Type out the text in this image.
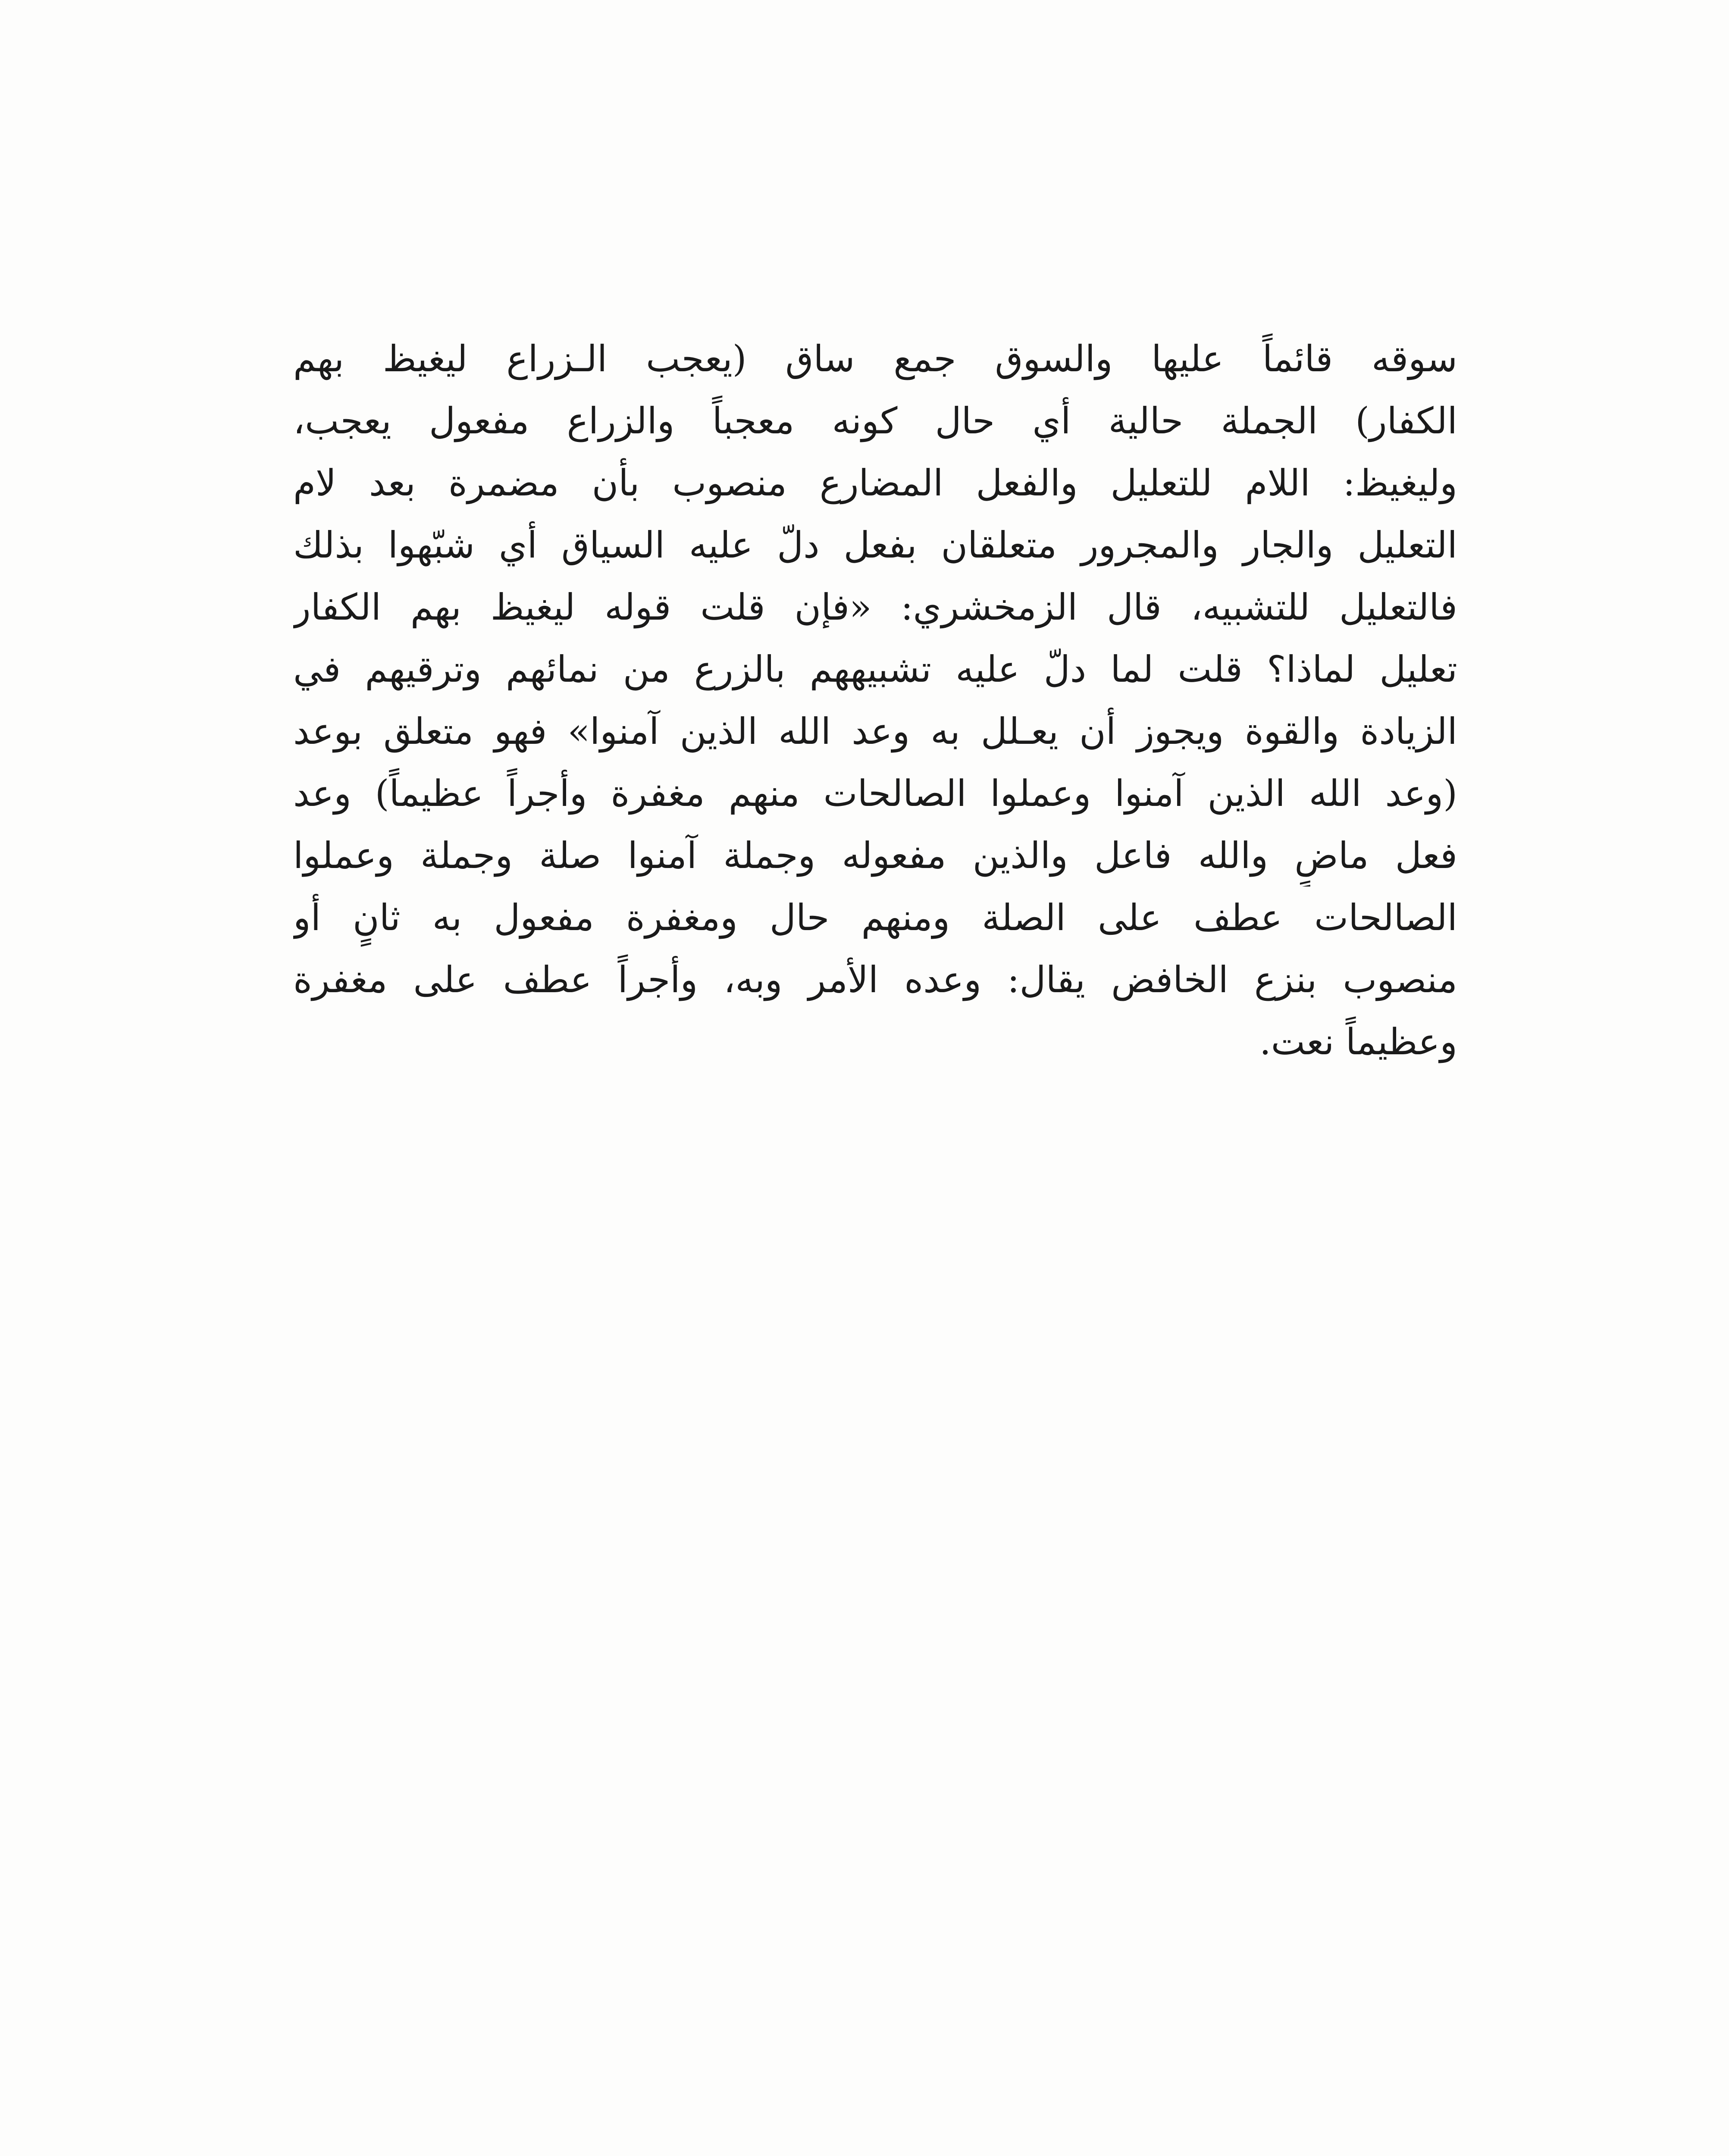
سوقه قائماً عليها والسوق جمع ساق (يعجب الـزراع ليغيظ بهم
الكفار) الجملة حالية أي حال كونه معجباً والزراع مفعول يعجب،
وليغيظ: اللام للتعليل والفعل المضارع منصوب بأن مضمرة بعد لام
التعليل والجار والمجرور متعلقان بفعل دلّ عليه السياق أي شبّهوا بذلك
فالتعليل للتشبيه، قال الزمخشري: «فإن قلت قوله ليغيظ بهم الكفار
تعليل لماذا؟ قلت لما دلّ عليه تشبيههم بالزرع من نمائهم وترقيهم في
الزيادة والقوة ويجوز أن يعـلل به وعد الله الذين آمنوا» فهو متعلق بوعد
(وعد الله الذين آمنوا وعملوا الصالحات منهم مغفرة وأجراً عظيماً) وعد
فعل ماضٍ والله فاعل والذين مفعوله وجملة آمنوا صلة وجملة وعملوا
الصالحات عطف على الصلة ومنهم حال ومغفرة مفعول به ثانٍ أو
منصوب بنزع الخافض يقال: وعده الأمر وبه، وأجراً عطف على مغفرة
وعظيماً نعت.
